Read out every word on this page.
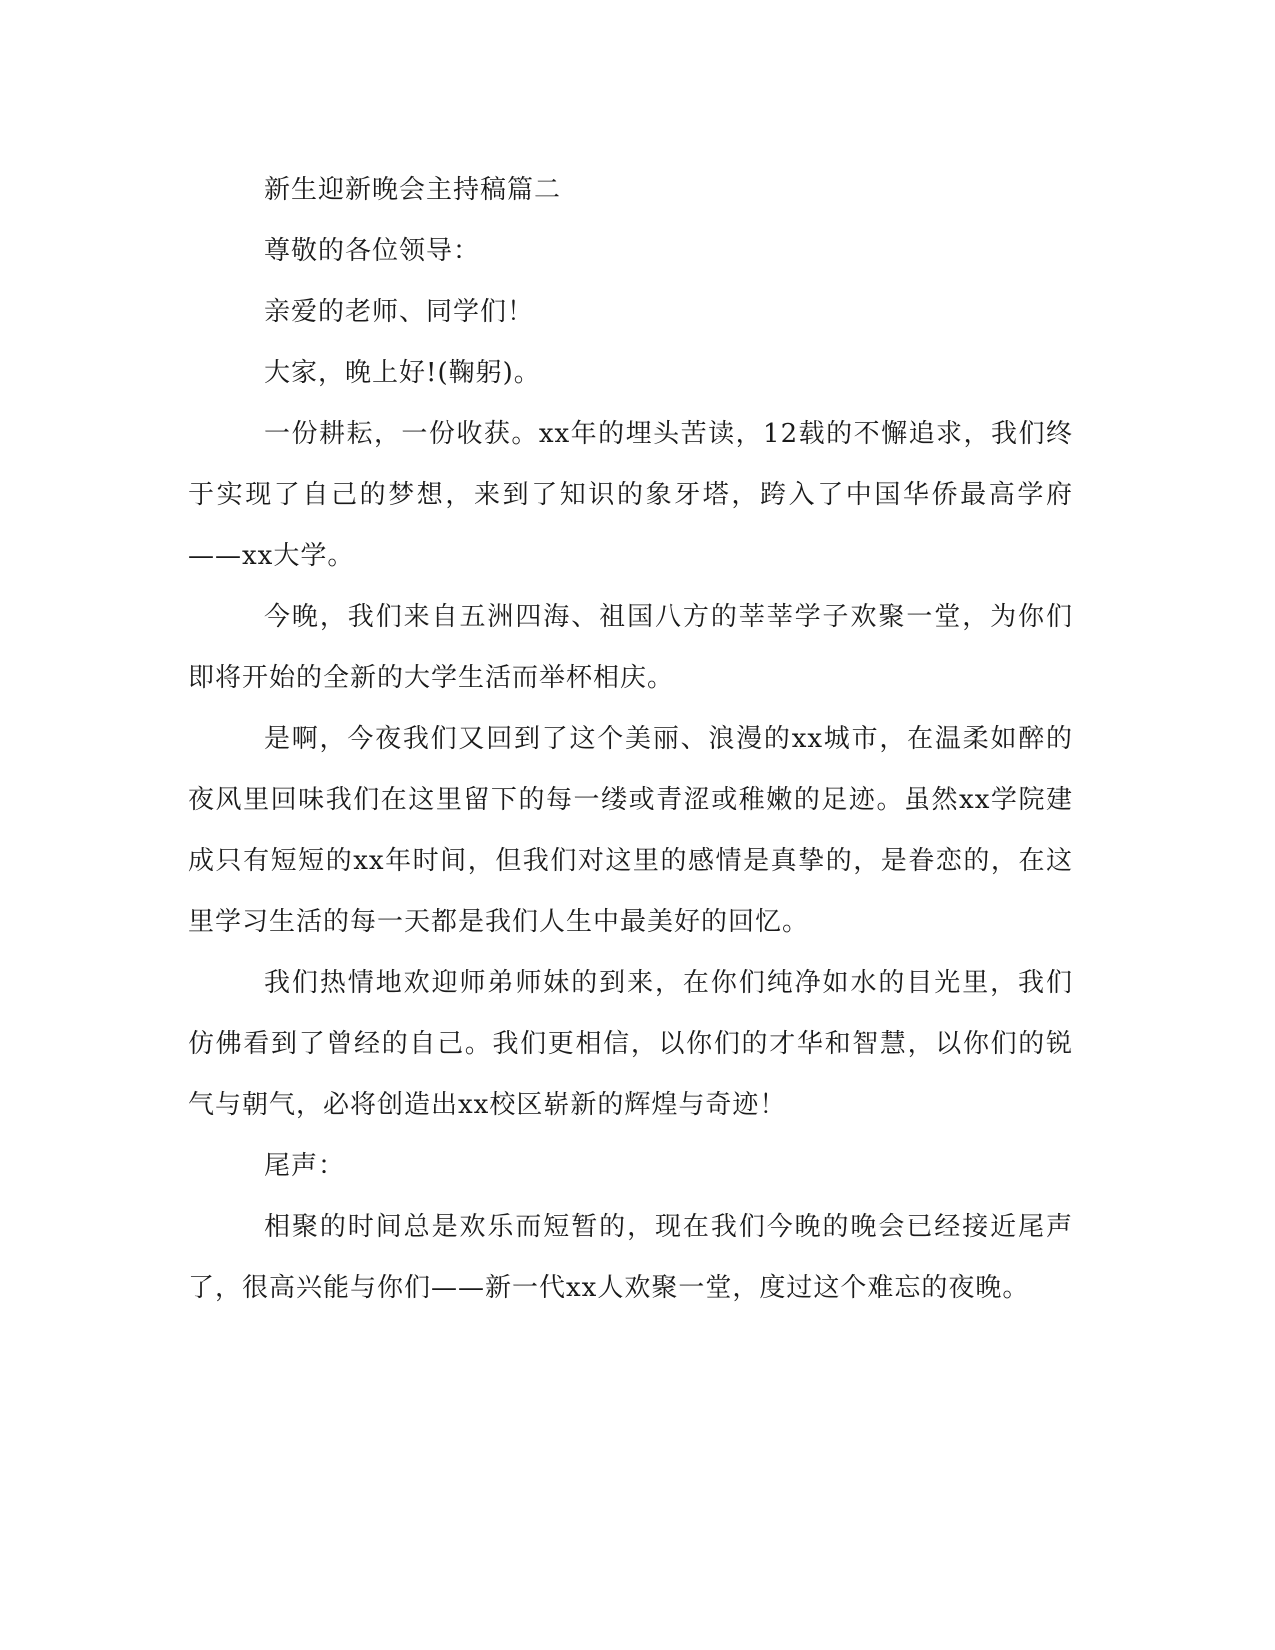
新生迎新晚会主持稿篇二

尊敬的各位领导：

亲爱的老师、同学们！

大家，晚上好!(鞠躬)。

一份耕耘，一份收获。xx年的埋头苦读，12载的不懈追求，我们终于实现了自己的梦想，来到了知识的象牙塔，跨入了中国华侨最高学府——xx大学。

今晚，我们来自五洲四海、祖国八方的莘莘学子欢聚一堂，为你们即将开始的全新的大学生活而举杯相庆。

是啊，今夜我们又回到了这个美丽、浪漫的xx城市，在温柔如醉的夜风里回味我们在这里留下的每一缕或青涩或稚嫩的足迹。虽然xx学院建成只有短短的xx年时间，但我们对这里的感情是真挚的，是眷恋的，在这里学习生活的每一天都是我们人生中最美好的回忆。

我们热情地欢迎师弟师妹的到来，在你们纯净如水的目光里，我们仿佛看到了曾经的自己。我们更相信，以你们的才华和智慧，以你们的锐气与朝气，必将创造出xx校区崭新的辉煌与奇迹！

尾声：

相聚的时间总是欢乐而短暂的，现在我们今晚的晚会已经接近尾声了，很高兴能与你们——新一代xx人欢聚一堂，度过这个难忘的夜晚。
